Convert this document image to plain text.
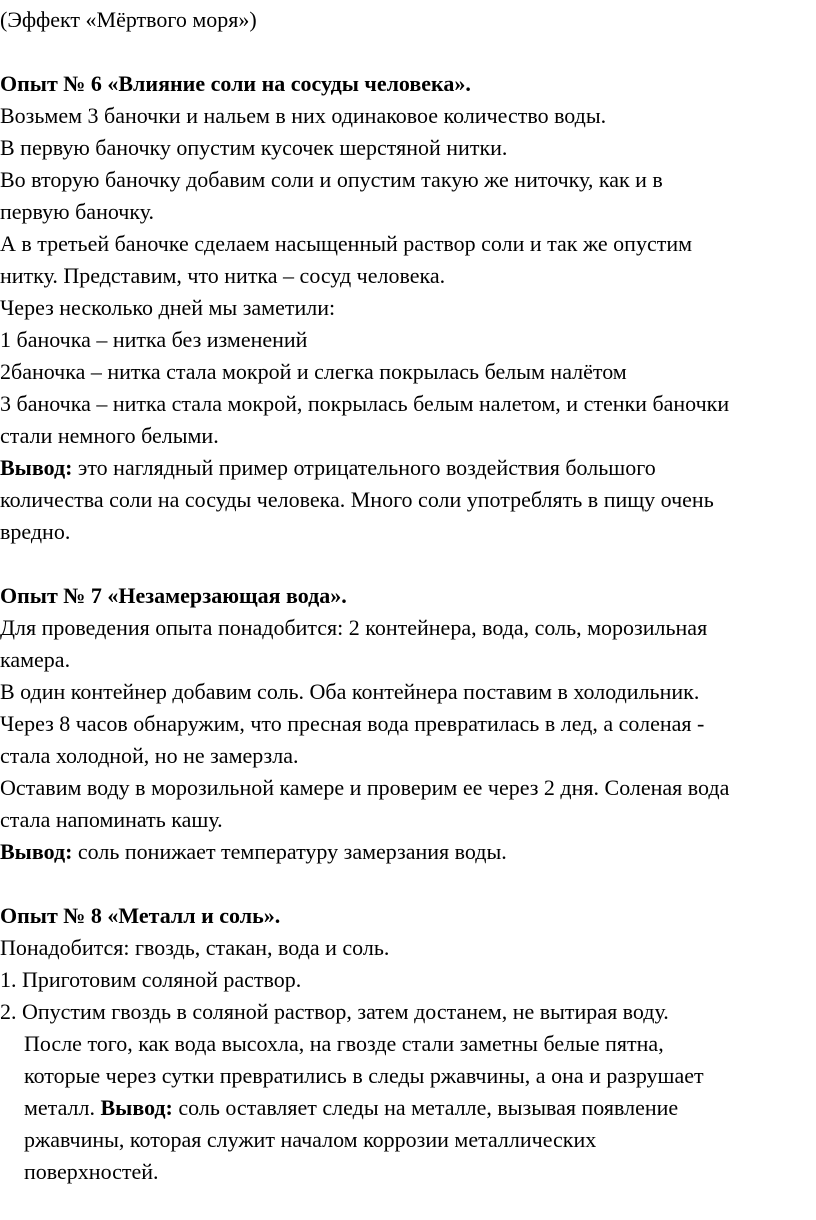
(Эффект «Мёртвого моря»)
Опыт № 6 «Влияние соли на сосуды человека».
Возьмем 3 баночки и нальем в них одинаковое количество воды.
В первую баночку опустим кусочек шерстяной нитки.
Во вторую баночку добавим соли и опустим такую же ниточку, как и в
первую баночку.
А в третьей баночке сделаем насыщенный раствор соли и так же опустим
нитку. Представим, что нитка – сосуд человека.
Через несколько дней мы заметили:
1 баночка – нитка без изменений
2баночка – нитка стала мокрой и слегка покрылась белым налётом
3 баночка – нитка стала мокрой, покрылась белым налетом, и стенки баночки
стали немного белыми.
Вывод: это наглядный пример отрицательного воздействия большого
количества соли на сосуды человека. Много соли употреблять в пищу очень
вредно.
Опыт № 7 «Незамерзающая вода».
Для проведения опыта понадобится: 2 контейнера, вода, соль, морозильная
камера.
В один контейнер добавим соль. Оба контейнера поставим в холодильник.
Через 8 часов обнаружим, что пресная вода превратилась в лед, а соленая -
стала холодной, но не замерзла.
Оставим воду в морозильной камере и проверим ее через 2 дня. Соленая вода
стала напоминать кашу.
Вывод: соль понижает температуру замерзания воды.
Опыт № 8 «Металл и соль».
Понадобится: гвоздь, стакан, вода и соль.
1. Приготовим соляной раствор.
2. Опустим гвоздь в соляной раствор, затем достанем, не вытирая воду.
После того, как вода высохла, на гвозде стали заметны белые пятна,
которые через сутки превратились в следы ржавчины, а она и разрушает
металл. Вывод: соль оставляет следы на металле, вызывая появление
ржавчины, которая служит началом коррозии металлических
поверхностей.
